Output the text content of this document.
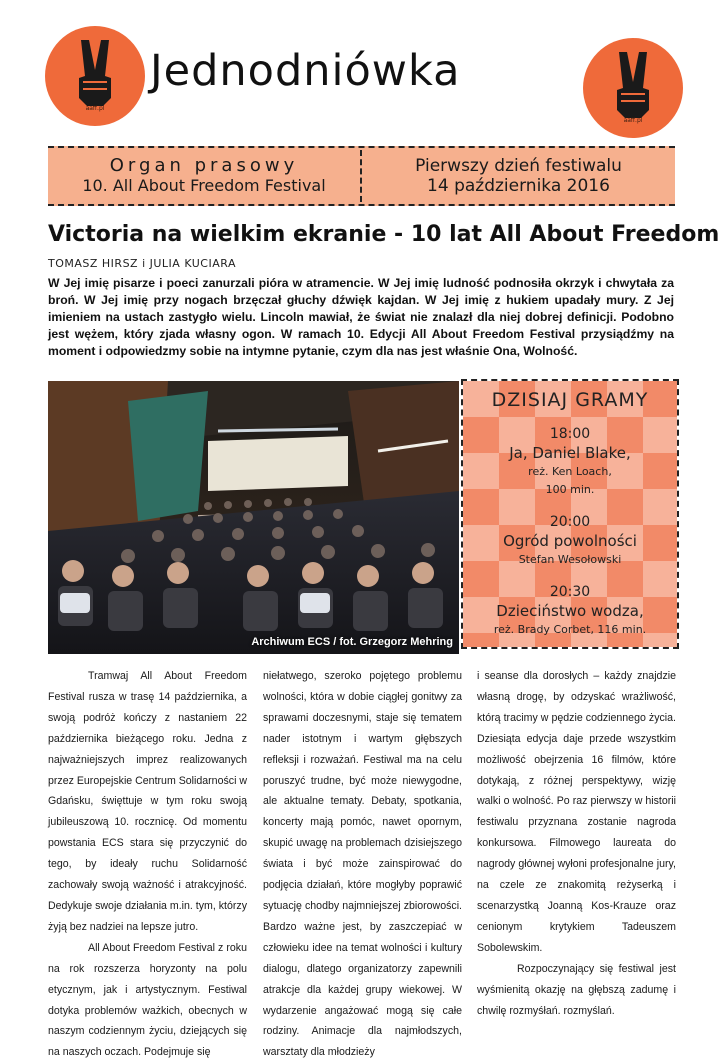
aaff.pl
Jednodniówka
aaff.pl
Organ prasowy
10. All About Freedom Festival
Pierwszy dzień festiwalu
14 października 2016
Victoria na wielkim ekranie - 10 lat All About Freedom
TOMASZ HIRSZ i JULIA KUCIARA

W Jej imię pisarze i poeci zanurzali pióra w atramencie. W Jej imię ludność podnosiła okrzyk i chwytała za broń. W Jej imię przy nogach brzęczał głuchy dźwięk kajdan. W Jej imię z hukiem upadały mury. Z Jej imieniem na ustach zastygło wielu. Lincoln mawiał, że świat nie znalazł dla niej dobrej definicji. Podobno jest wężem, który zjada własny ogon. W ramach 10. Edycji All About Freedom Festival przysiądźmy na moment i odpowiedzmy sobie na intymne pytanie, czym dla nas jest właśnie Ona, Wolność.

Archiwum ECS / fot. Grzegorz Mehring
DZISIAJ GRAMY
18:00
Ja, Daniel Blake,
reż. Ken Loach,
100 min.
20:00
Ogród powolności
Stefan Wesołowski
20:30
Dzieciństwo wodza,
reż. Brady Corbet, 116 min.

Tramwaj All About Freedom Festival rusza w trasę 14 października, a swoją podróż kończy z nastaniem 22 października bieżącego roku. Jedna z najważniejszych imprez realizowanych przez Europejskie Centrum Solidarności w Gdańsku, święttuje w tym roku swoją jubileuszową 10. rocznicę. Od momentu powstania ECS stara się przyczynić do tego, by ideały ruchu Solidarność zachowały swoją ważność i atrakcyjność. Dedykuje swoje działania m.in. tym, którzy żyją bez nadziei na lepsze jutro.

All About Freedom Festival z roku na rok rozszerza horyzonty na polu etycznym, jak i artystycznym. Festiwal dotyka problemów ważkich, obecnych w naszym codziennym życiu, dziejących się na naszych oczach. Podejmuje się

niełatwego, szeroko pojętego problemu wolności, która w dobie ciągłej gonitwy za sprawami doczesnymi, staje się tematem nader istotnym i wartym głębszych refleksji i rozważań. Festiwal ma na celu poruszyć trudne, być może niewygodne, ale aktualne tematy. Debaty, spotkania, koncerty mają pomóc, nawet opornym, skupić uwagę na problemach dzisiejszego świata i być może zainspirować do podjęcia działań, które mogłyby poprawić sytuację chodby najmniejszej zbiorowości. Bardzo ważne jest, by zaszczepiać w człowieku idee na temat wolności i kultury dialogu, dlatego organizatorzy zapewnili atrakcje dla każdej grupy wiekowej. W wydarzenie angażować mogą się całe rodziny. Animacje dla najmłodszych, warsztaty dla młodzieży

i seanse dla dorosłych – każdy znajdzie własną drogę, by odzyskać wrażliwość, którą tracimy w pędzie codziennego życia. Dziesiąta edycja daje przede wszystkim możliwość obejrzenia 16 filmów, które dotykają, z różnej perspektywy, wizję walki o wolność. Po raz pierwszy w historii festiwalu przyznana zostanie nagroda konkursowa. Filmowego laureata do nagrody głównej wyłoni profesjonalne jury, na czele ze znakomitą reżyserką i scenarzystką Joanną Kos-Krauze oraz cenionym krytykiem Tadeuszem Sobolewskim.

Rozpoczynający się festiwal jest wyśmienitą okazję na głębszą zadumę i chwilę rozmyśłań. rozmyślań.
